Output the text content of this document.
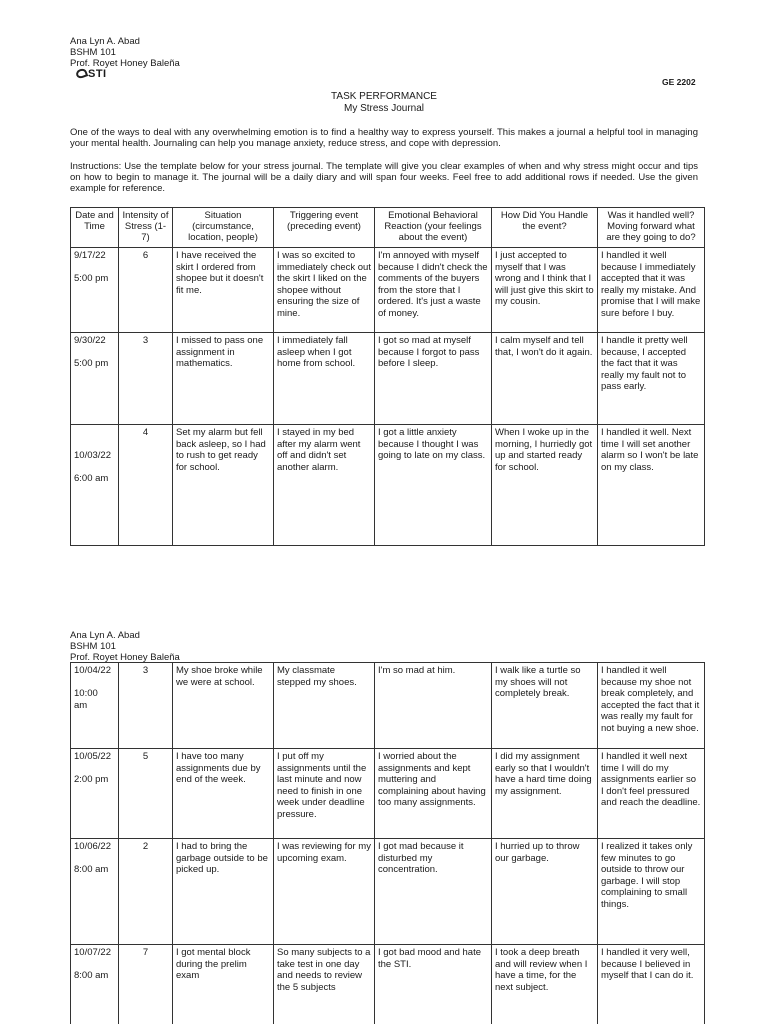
Ana Lyn A. Abad
BSHM 101
Prof. Royet Honey Baleña
STI
GE 2202
TASK PERFORMANCE
My Stress Journal
One of the ways to deal with any overwhelming emotion is to find a healthy way to express yourself. This makes a journal a helpful tool in managing your mental health. Journaling can help you manage anxiety, reduce stress, and cope with depression.
Instructions: Use the template below for your stress journal. The template will give you clear examples of when and why stress might occur and tips on how to begin to manage it. The journal will be a daily diary and will span four weeks. Feel free to add additional rows if needed. Use the given example for reference.
Date and Time	Intensity of Stress (1-7)	Situation (circumstance, location, people)	Triggering event (preceding event)	Emotional Behavioral Reaction (your feelings about the event)	How Did You Handle the event?	Was it handled well? Moving forward what are they going to do?
9/17/22

5:00 pm	6	I have received the skirt I ordered from shopee but it doesn't fit me.	I was so excited to immediately check out the skirt I liked on the shopee without ensuring the size of mine.	I'm annoyed with myself because I didn't check the comments of the buyers from the store that I ordered. It's just a waste of money.	I just accepted to myself that I was wrong and I think that I will just give this skirt to my cousin.	I handled it well because I immediately accepted that it was really my mistake. And promise that I will make sure before I buy.
9/30/22

5:00 pm	3	I missed to pass one assignment in mathematics.	I immediately fall asleep when I got home from school.	I got so mad at myself because I forgot to pass before I sleep.	I calm myself and tell that, I won't do it again.	I handle it pretty well because, I accepted the fact that it was really my fault not to pass early.

10/03/22

6:00 am	4	Set my alarm but fell back asleep, so I had to rush to get ready for school.	I stayed in my bed after my alarm went off and didn't set another alarm.	I got a little anxiety because I thought I was going to late on my class.	When I woke up in the morning, I hurriedly got up and started ready for school.	I handled it well. Next time I will set another alarm so I won't be late on my class.
Ana Lyn A. Abad
BSHM 101
Prof. Royet Honey Baleña
10/04/22

10:00
am	3	My shoe broke while we were at school.	My classmate stepped my shoes.	I'm so mad at him.	I walk like a turtle so my shoes will not completely break.	I handled it well because my shoe not break completely, and accepted the fact that it was really my fault for not buying a new shoe.
10/05/22

2:00 pm	5	I have too many assignments due by end of the week.	I put off my assignments until the last minute and now need to finish in one week under deadline pressure.	I worried about the assignments and kept muttering and complaining about having too many assignments.	I did my assignment early so that I wouldn't have a hard time doing my assignment.	I handled it well next time I will do my assignments earlier so I don't feel pressured and reach the deadline.
10/06/22

8:00 am	2	I had to bring the garbage outside to be picked up.	I was reviewing for my upcoming exam.	I got mad because it disturbed my concentration.	I hurried up to throw our garbage.	I realized it takes only few minutes to go outside to throw our garbage. I will stop complaining to small things.
10/07/22

8:00 am	7	I got mental block during the prelim exam	So many subjects to a take test in one day and needs to review the 5 subjects	I got bad mood and hate the STI.	I took a deep breath and will review when I have a time, for the next subject.	I handled it very well, because I believed in myself that I can do it.
